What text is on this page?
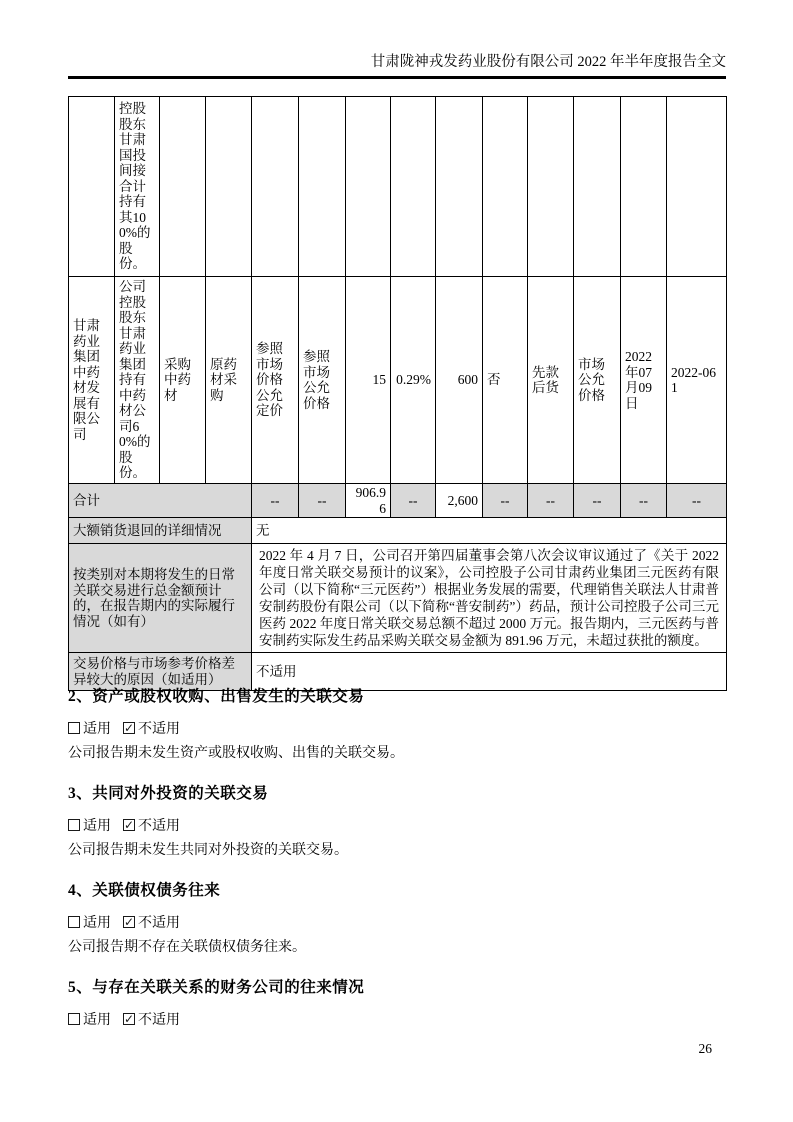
甘肃陇神戎发药业股份有限公司 2022 年半年度报告全文
	控股股东甘肃国投间接合计持有其100%的股份。												
甘肃药业集团中药材发展有限公司	公司控股股东甘肃药业集团持有中药材公司60%的股份。	采购中药材	原药材采购	参照市场价格公允定价	参照市场公允价格	15	0.29%	600	否	先款后货	市场公允价格	2022年07月09日	2022-061
合计				--	--	906.96	--	2,600	--	--	--	--	--
大额销货退回的详细情况				无									
按类别对本期将发生的日常关联交易进行总金额预计的，在报告期内的实际履行情况（如有）				2022 年 4 月 7 日，公司召开第四届董事会第八次会议审议通过了《关于 2022 年度日常关联交易预计的议案》，公司控股子公司甘肃药业集团三元医药有限公司（以下简称“三元医药”）根据业务发展的需要，代理销售关联法人甘肃普安制药股份有限公司（以下简称“普安制药”）药品，预计公司控股子公司三元医药 2022 年度日常关联交易总额不超过 2000 万元。报告期内，三元医药与普安制药实际发生药品采购关联交易金额为 891.96 万元，未超过获批的额度。									
交易价格与市场参考价格差异较大的原因（如适用）				不适用									
2、资产或股权收购、出售发生的关联交易
适用 ✓ 不适用
公司报告期未发生资产或股权收购、出售的关联交易。
3、共同对外投资的关联交易
适用 ✓ 不适用
公司报告期未发生共同对外投资的关联交易。
4、关联债权债务往来
适用 ✓ 不适用
公司报告期不存在关联债权债务往来。
5、与存在关联关系的财务公司的往来情况
适用 ✓ 不适用
26
